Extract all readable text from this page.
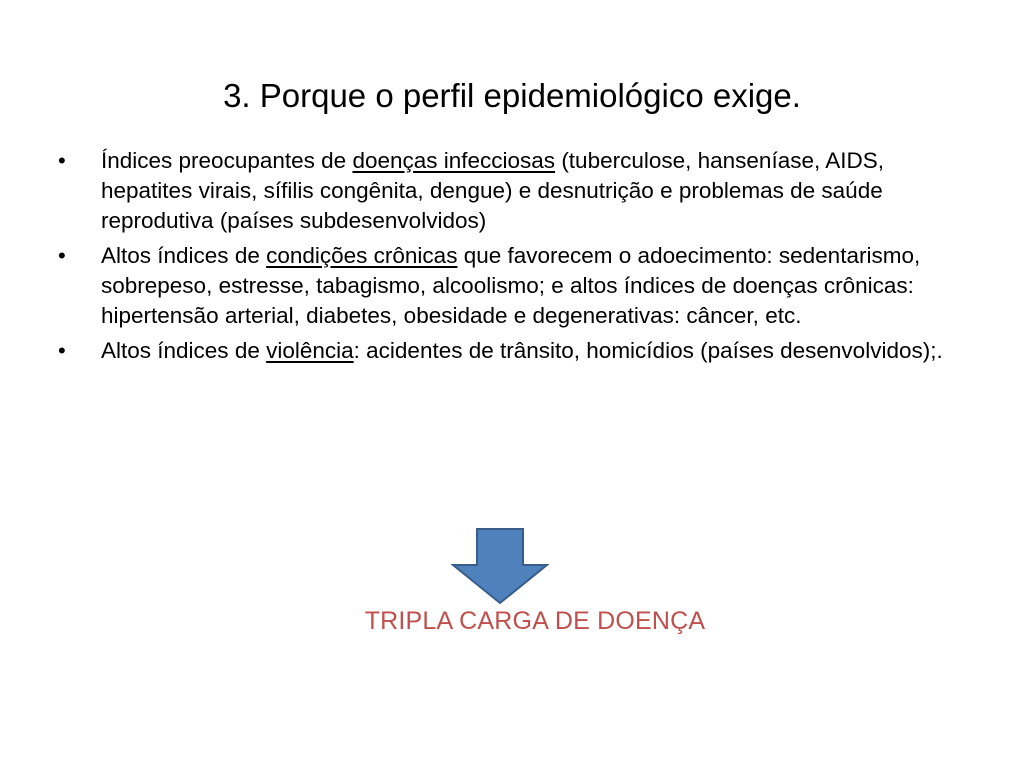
3. Porque o perfil epidemiológico exige.
•	Índices preocupantes de doenças infecciosas (tuberculose, hanseníase, AIDS, hepatites virais, sífilis congênita, dengue) e desnutrição e problemas de saúde reprodutiva (países subdesenvolvidos)
•	Altos índices de condições crônicas que favorecem o adoecimento: sedentarismo, sobrepeso, estresse, tabagismo, alcoolismo; e altos índices de doenças crônicas: hipertensão arterial, diabetes, obesidade e degenerativas: câncer, etc.
•	Altos índices de violência: acidentes de trânsito, homicídios (países desenvolvidos);.
TRIPLA CARGA DE DOENÇA
